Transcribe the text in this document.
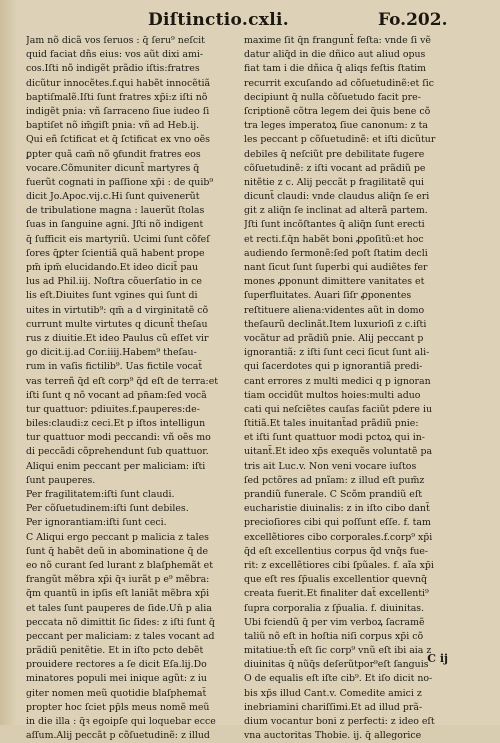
Diſtinctio.cxli.	Fo.202.
Jam nõ dicã vos ſeruos : q̄ ſeru⁹ neſcit
quid faciat dñs eius: vos aũt dixi ami-
cos.Iſti nõ indigẽt prãdio iſtis:fratres
dicũtur innocẽtes.f.qui habẽt innocẽtiã
baptiſmalẽ.Iſti ſunt fratres xp̄i:z iſti nõ
indigẽt pnia: vñ ſarraceno ſiue iudeo ſi
baptiſet nõ im̄giſt pnia: vñ ad Heb.ij.
Qui eñ ſctificat et q̄ ſctificat ex vno oẽs
ꝑpter quã cam̃ nõ ꝯfundit fratres eos
vocare.Cõmuniter dicunt̃ martyres q̄
fuerũt cognati in paſſione xp̄i : de quib⁹
dicit Jo.Apoc.vij.c.Hi ſunt quivenerũt
de tribulatione magna : lauerũt ſtolas
ſuas in ſanguine agni. Jſti nõ indigent
q̄ ſufficit eis martyriũ. Ucimi ſunt cõfeſ
ſores q̄ꝑter ſcientiã quã habent prope
pm̃ ipm̃ elucidando.Et ideo dicit̃ pau
lus ad Phil.iij. Noſtra cõuerſatio in ce
lis eſt.Diuites ſunt vgines qui ſunt di
uites in virtutib⁹: qm̃ a d virginitatẽ cõ
currunt multe virtutes q dicunt̃ theſau
rus z diuitie.Et ideo Paulus cũ eſſet vir
go dicit.ij.ad Cor.iiij.Habem⁹ theſau-
rum in vaſis fictilib⁹. Uas fictile vocat̃
vas terreñ q̄d eſt corp⁹ q̄d eſt de terra:et
iſti ſunt q nõ vocant ad pn̄am:ſed vocã
tur quattuor: pdiuites.f.pauperes:de-
biles:claudi:z ceci.Et p iſtos intelligun
tur quattuor modi peccandi: vñ oẽs mo
di peccãdi cõprehendunt ſub quattuor.
Aliqui enim peccant per maliciam: iſti
ſunt pauperes.
Per fragilitatem:iſti ſunt claudi.
Per cõſuetudinem:iſti ſunt debiles.
Per ignorantiam:iſti ſunt ceci.
C Aliqui ergo peccant p malicia z tales
ſunt q̄ habẽt deũ in abominatione q̄ de
eo nõ curant ſed lurant z blaſphemãt et
frangũt mẽbra xp̄i q̄ꝛ iurãt p e⁹ mẽbra:
q̄m quantũ in ipſis eſt laniãt mẽbra xp̄i
et tales ſunt pauperes de ſide.Un̄ p alia
peccata nõ dimittit ſic ſides: z iſti ſunt q̄
peccant per maliciam: z tales vocant ad
prãdiũ penitẽtie. Et in iſto pcto debẽt
prouidere rectores a ſe dicit Eſa.lij.Do
minatores populi mei inique agũt: z iu
giter nomen meũ quotidie blaſphemat̃
propter hoc ſciet pp̄ls meus nomẽ meũ
in die illa : q̄ꝛ egoipſe qui loquebar ecce
aſſum.Alij peccãt p cõſuetudinẽ: z illud
maxime ſit q̄n frangunt̃ feſta: vnde ſi vẽ
datur aliq̄d in die dñico aut aliud opus
fiat tam i die dñica q̄ aliqs feſtis ſtatim
recurrit excuſando ad cõſuetudinẽ:et ſic
decipiunt q̄ nulla cõſuetudo facit pre-
ſcriptionẽ cõtra legem dei q̄uis bene cõ
tra leges imperatoꝝ ſiue canonum: z ta
les peccant p cõſuetudinẽ: et iſti dicũtur
debiles q̄ neſciũt pre debilitate fugere
cõſuetudinẽ: z iſti vocant ad prãdiũ pe
nitẽtie z c. Alij peccãt p fragilitatẽ qui
dicunt̃ claudi: vnde claudus aliq̄n ſe eri
git z aliq̄n ſe inclinat ad alterã partem.
Jſti ſunt incõſtantes q̄ aliq̄n ſunt erecti
et recti.f.q̄n habẽt boni ꝓpoſitũ:et hoc
audiendo ſermonẽ:ſed poſt ſtatim decli
nant ſicut ſunt ſuperbi qui audiẽtes fer
mones ꝓponunt dimittere vanitates et
ſuperfluitates. Auari ſiſr ꝓponentes
reſtituere aliena:videntes aũt in domo
theſaurũ declinãt.Item luxurioſi z c.iſti
vocãtur ad prãdiũ pnie. Alij peccant p
ignorantiã: z iſti ſunt ceci ſicut ſunt ali-
qui ſacerdotes qui p ignorantiã predi-
cant errores z multi medici q p ignoran
tiam occidũt multos hoies:multi aduo
cati qui neſciẽtes cauſas faciũt pdere iu
ſtitiã.Et tales inuitant̃ad prãdiũ pnie:
et iſti ſunt quattuor modi pctoꝝ qui in-
uitant̃.Et ideo xp̄s exequẽs voluntatẽ pa
tris ait Luc.v. Non veni vocare iuſtos
ſed pctõres ad pnĩam: z illud eſt pum̃z
prandiũ funerale. C Scõm prandiũ eſt
eucharistie diuinalis: z in iſto cibo dant̃
precioſiores cibi qui poſſunt eſſe. f. tam
excellẽtiores cibo corporales.f.corp⁹ xp̄i
q̄d eſt excellentius corpus q̄d vnq̄s fue-
rit: z excellẽtiores cibi ſpũales. f. aĩa xp̄i
que eſt res ſp̄ualis excellentior quevnq̄
creata fuerit.Et finaliter dat̃ excellenti⁹
ſupra corporalia z ſp̄ualia. f. diuinitas.
Ubi fciendũ q̄ per vim verboꝝ ſacramẽ
taliũ nõ eſt in hoſtia niſi corpus xp̄i cõ
mitatiue:th̃ eſt ſic corp⁹ vnũ eſt ibi aia z
diuinitas q̄ nũq̄s deſerũtpor⁹eſt ſanguis
O de equalis eſt iſte cib⁹. Et iſo dicit no-
bis xp̄s illud Cant.v. Comedite amici z
inebriamini chariſſimi.Et ad illud prã-
dium vocantur boni z perfecti: z ideo eſt
vna auctoritas Thobie. ij. q̄ allegorice
C ij
